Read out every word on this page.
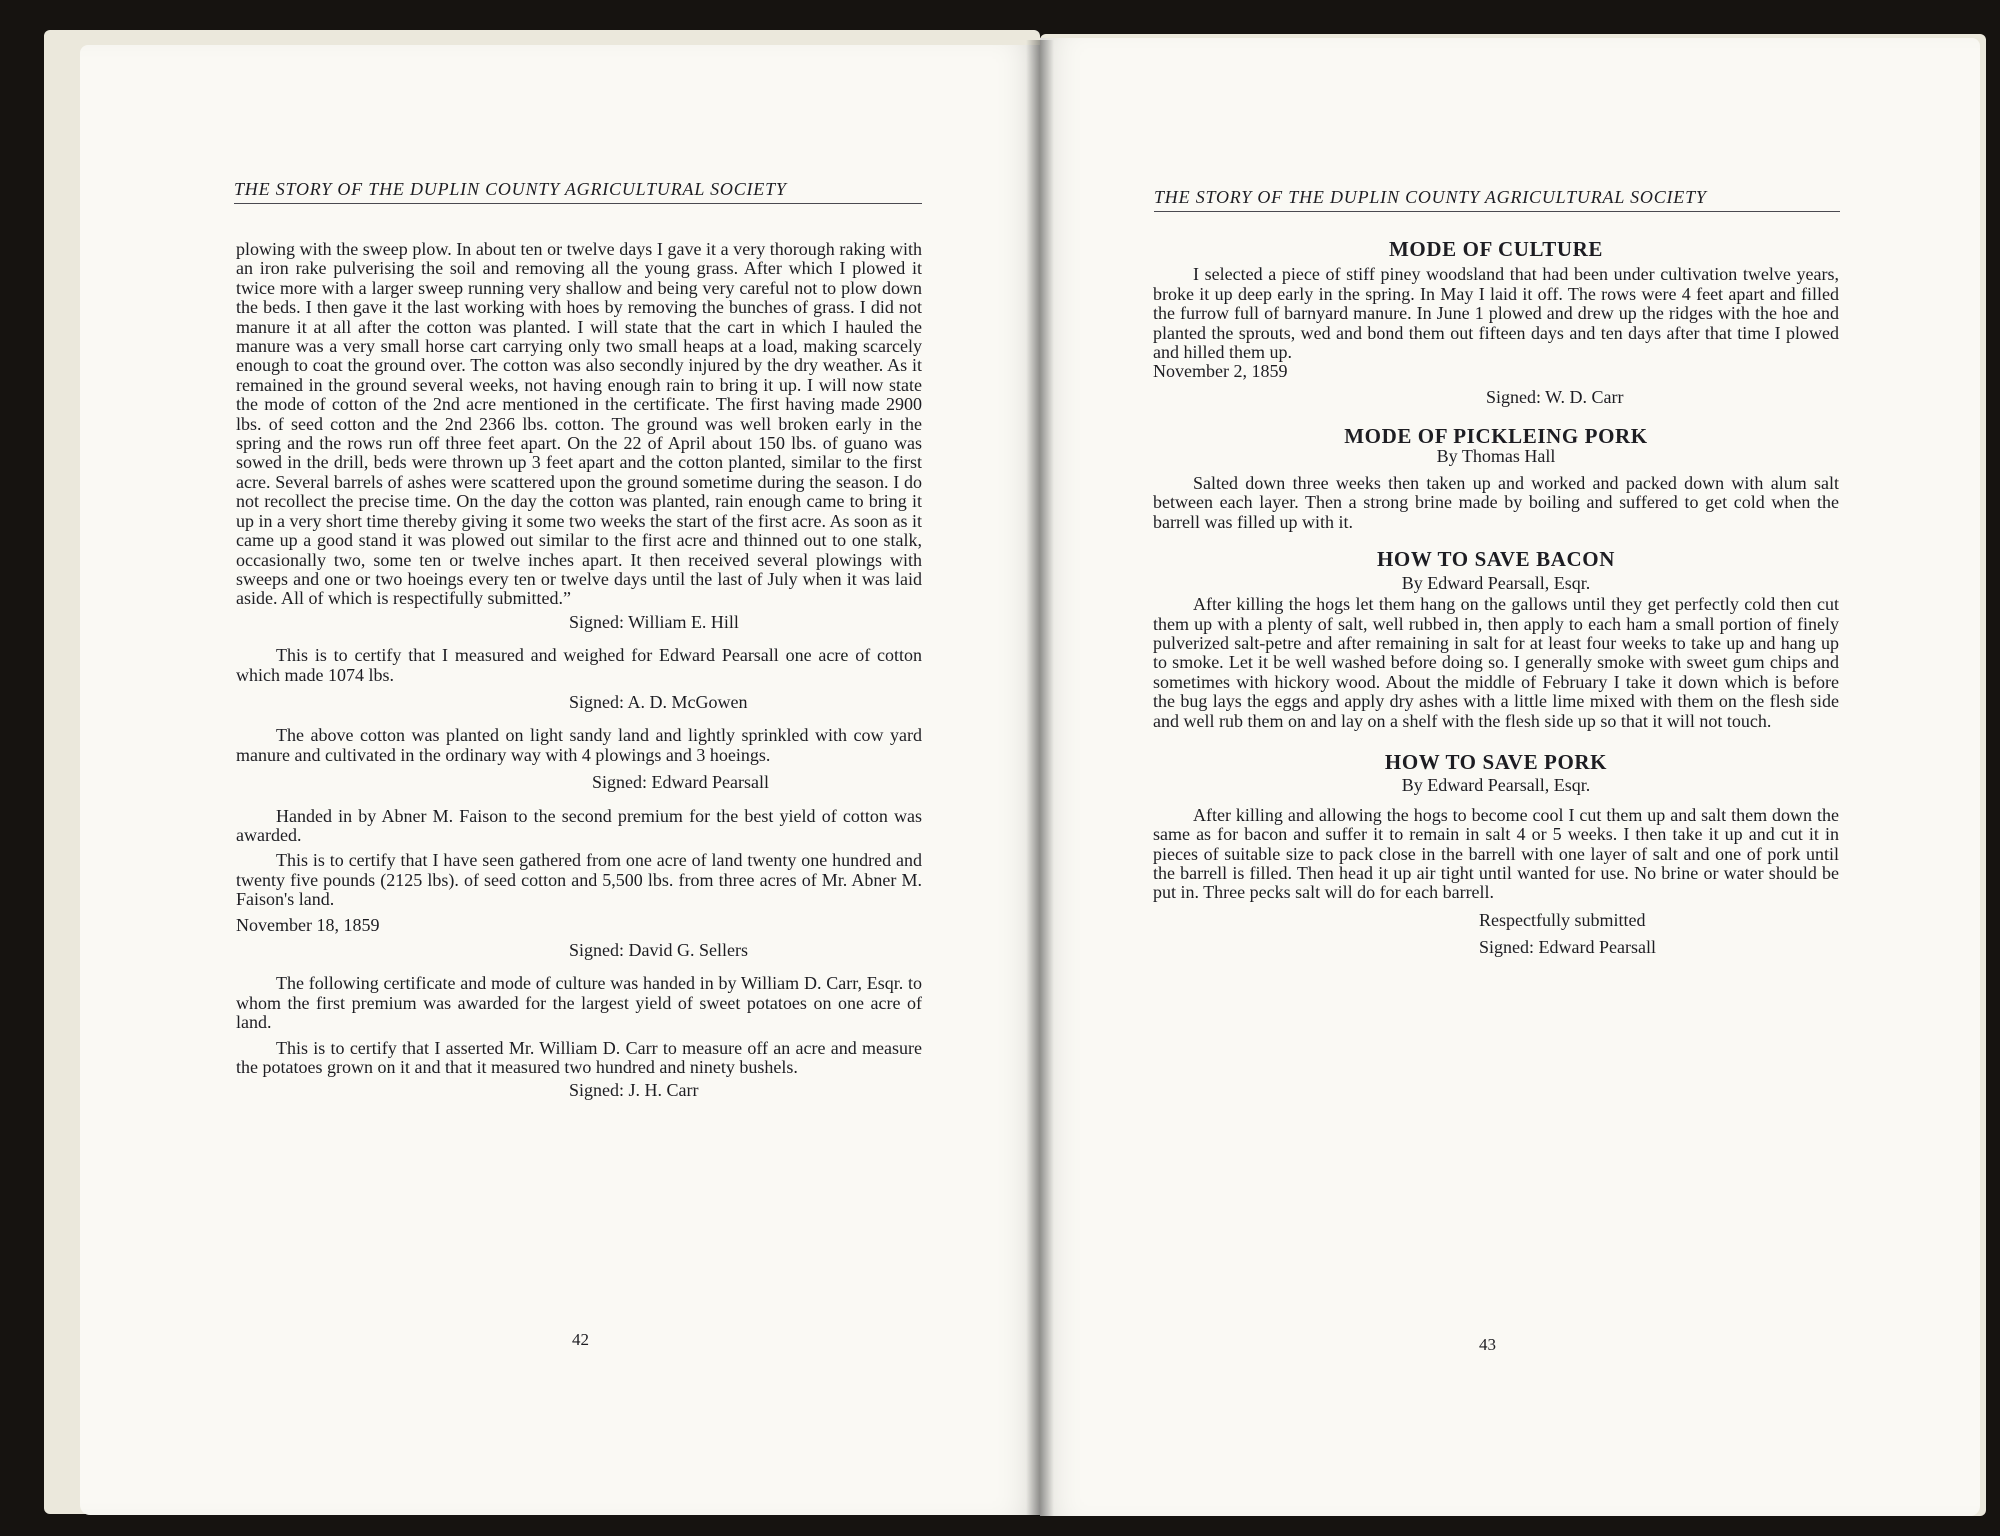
THE STORY OF THE DUPLIN COUNTY AGRICULTURAL SOCIETY

plowing with the sweep plow. In about ten or twelve days I gave it a very thorough raking with an iron rake pulverising the soil and removing all the young grass. After which I plowed it twice more with a larger sweep running very shallow and being very careful not to plow down the beds. I then gave it the last working with hoes by removing the bunches of grass. I did not manure it at all after the cotton was planted. I will state that the cart in which I hauled the manure was a very small horse cart carrying only two small heaps at a load, making scarcely enough to coat the ground over. The cotton was also secondly injured by the dry weather. As it remained in the ground several weeks, not having enough rain to bring it up. I will now state the mode of cotton of the 2nd acre mentioned in the certificate. The first having made 2900 lbs. of seed cotton and the 2nd 2366 lbs. cotton. The ground was well broken early in the spring and the rows run off three feet apart. On the 22 of April about 150 lbs. of guano was sowed in the drill, beds were thrown up 3 feet apart and the cotton planted, similar to the first acre. Several barrels of ashes were scattered upon the ground sometime during the season. I do not recollect the precise time. On the day the cotton was planted, rain enough came to bring it up in a very short time thereby giving it some two weeks the start of the first acre. As soon as it came up a good stand it was plowed out similar to the first acre and thinned out to one stalk, occasionally two, some ten or twelve inches apart. It then received several plowings with sweeps and one or two hoeings every ten or twelve days until the last of July when it was laid aside. All of which is respectifully submitted.”

Signed: William E. Hill

This is to certify that I measured and weighed for Edward Pearsall one acre of cotton which made 1074 lbs.

Signed: A. D. McGowen

The above cotton was planted on light sandy land and lightly sprinkled with cow yard manure and cultivated in the ordinary way with 4 plowings and 3 hoeings.

Signed: Edward Pearsall

Handed in by Abner M. Faison to the second premium for the best yield of cotton was awarded.

This is to certify that I have seen gathered from one acre of land twenty one hundred and twenty five pounds (2125 lbs). of seed cotton and 5,500 lbs. from three acres of Mr. Abner M. Faison's land.

November 18, 1859

Signed: David G. Sellers

The following certificate and mode of culture was handed in by William D. Carr, Esqr. to whom the first premium was awarded for the largest yield of sweet potatoes on one acre of land.

This is to certify that I asserted Mr. William D. Carr to measure off an acre and measure the potatoes grown on it and that it measured two hundred and ninety bushels.

Signed: J. H. Carr

42
THE STORY OF THE DUPLIN COUNTY AGRICULTURAL SOCIETY

MODE OF CULTURE

I selected a piece of stiff piney woodsland that had been under cultivation twelve years, broke it up deep early in the spring. In May I laid it off. The rows were 4 feet apart and filled the furrow full of barnyard manure. In June 1 plowed and drew up the ridges with the hoe and planted the sprouts, wed and bond them out fifteen days and ten days after that time I plowed and hilled them up.

November 2, 1859

Signed: W. D. Carr

MODE OF PICKLEING PORK

By Thomas Hall

Salted down three weeks then taken up and worked and packed down with alum salt between each layer. Then a strong brine made by boiling and suffered to get cold when the barrell was filled up with it.

HOW TO SAVE BACON

By Edward Pearsall, Esqr.

After killing the hogs let them hang on the gallows until they get perfectly cold then cut them up with a plenty of salt, well rubbed in, then apply to each ham a small portion of finely pulverized salt-petre and after remaining in salt for at least four weeks to take up and hang up to smoke. Let it be well washed before doing so. I generally smoke with sweet gum chips and sometimes with hickory wood. About the middle of February I take it down which is before the bug lays the eggs and apply dry ashes with a little lime mixed with them on the flesh side and well rub them on and lay on a shelf with the flesh side up so that it will not touch.

HOW TO SAVE PORK

By Edward Pearsall, Esqr.

After killing and allowing the hogs to become cool I cut them up and salt them down the same as for bacon and suffer it to remain in salt 4 or 5 weeks. I then take it up and cut it in pieces of suitable size to pack close in the barrell with one layer of salt and one of pork until the barrell is filled. Then head it up air tight until wanted for use. No brine or water should be put in. Three pecks salt will do for each barrell.

Respectfully submitted

Signed: Edward Pearsall

43
